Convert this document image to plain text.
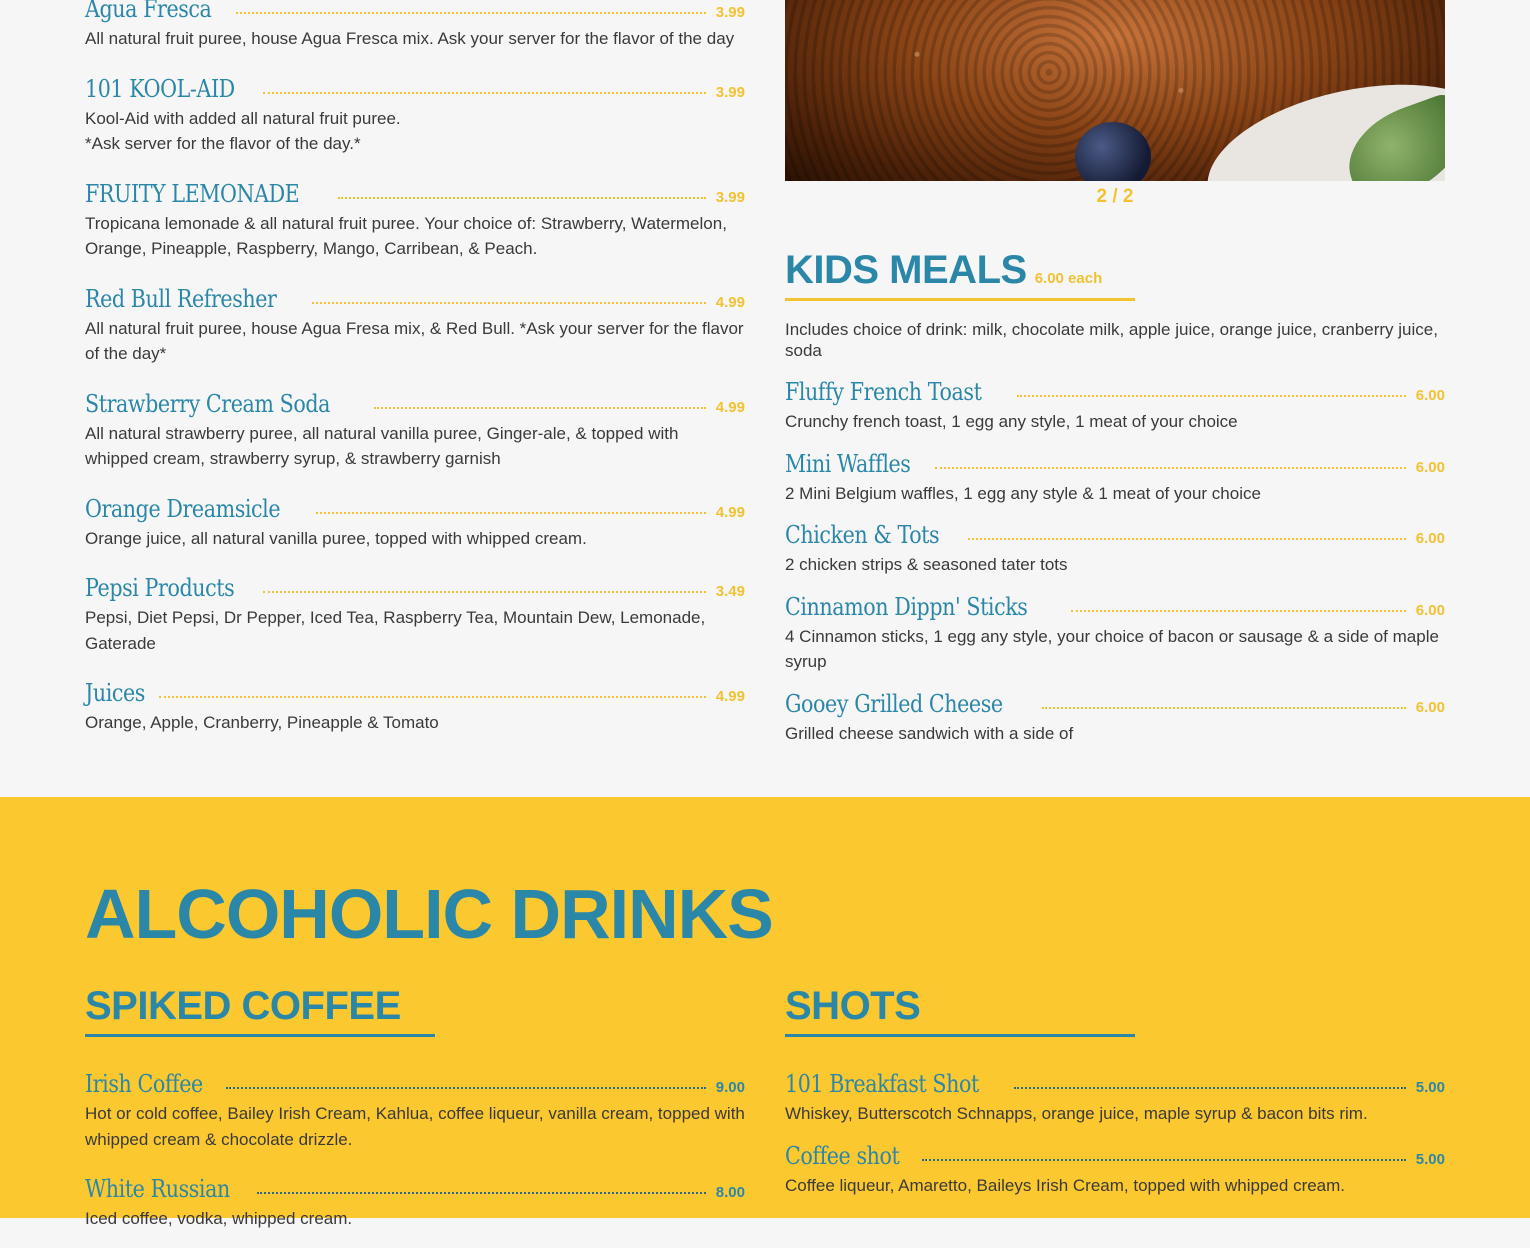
Agua Fresca	3.99
All natural fruit puree, house Agua Fresca mix. Ask your server for the flavor of the day
101 KOOL-AID	3.99
Kool-Aid with added all natural fruit puree.
*Ask server for the flavor of the day.*
FRUITY LEMONADE	3.99
Tropicana lemonade & all natural fruit puree. Your choice of: Strawberry, Watermelon, Orange, Pineapple, Raspberry, Mango, Carribean, & Peach.
Red Bull Refresher	4.99
All natural fruit puree, house Agua Fresa mix, & Red Bull. *Ask your server for the flavor of the day*
Strawberry Cream Soda	4.99
All natural strawberry puree, all natural vanilla puree, Ginger-ale, & topped with whipped cream, strawberry syrup, & strawberry garnish
Orange Dreamsicle	4.99
Orange juice, all natural vanilla puree, topped with whipped cream.
Pepsi Products	3.49
Pepsi, Diet Pepsi, Dr Pepper, Iced Tea, Raspberry Tea, Mountain Dew, Lemonade, Gaterade
Juices	4.99
Orange, Apple, Cranberry, Pineapple & Tomato
2 / 2
KIDS MEALS 6.00 each
Includes choice of drink: milk, chocolate milk, apple juice, orange juice, cranberry juice, soda
Fluffy French Toast	6.00
Crunchy french toast, 1 egg any style, 1 meat of your choice
Mini Waffles	6.00
2 Mini Belgium waffles, 1 egg any style & 1 meat of your choice
Chicken & Tots	6.00
2 chicken strips & seasoned tater tots
Cinnamon Dippn' Sticks	6.00
4 Cinnamon sticks, 1 egg any style, your choice of bacon or sausage & a side of maple syrup
Gooey Grilled Cheese	6.00
Grilled cheese sandwich with a side of
ALCOHOLIC DRINKS
SPIKED COFFEE
Irish Coffee	9.00
Hot or cold coffee, Bailey Irish Cream, Kahlua, coffee liqueur, vanilla cream, topped with whipped cream & chocolate drizzle.
White Russian	8.00
Iced coffee, vodka, whipped cream.
SHOTS
101 Breakfast Shot	5.00
Whiskey, Butterscotch Schnapps, orange juice, maple syrup & bacon bits rim.
Coffee shot	5.00
Coffee liqueur, Amaretto, Baileys Irish Cream, topped with whipped cream.
